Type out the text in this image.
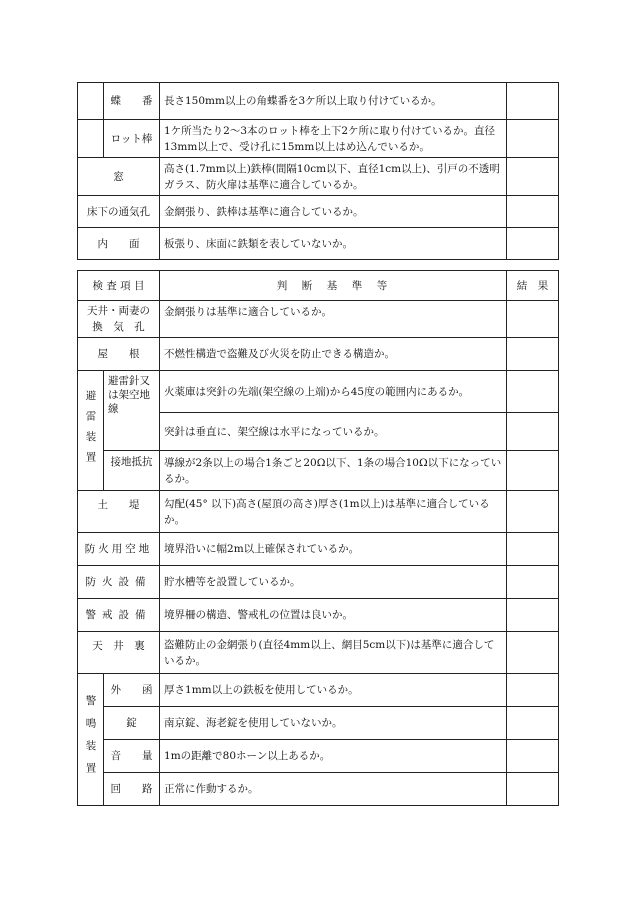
	蝶　　番	長さ150mm以上の角蝶番を3ケ所以上取り付けているか。	
	ロット棒	1ケ所当たり2～3本のロット棒を上下2ケ所に取り付けているか。直径13mm以上で、受け孔に15mm以上はめ込んでいるか。	
窓		高さ(1.7mm以上)鉄棒(間隔10cm以下、直径1cm以上)、引戸の不透明ガラス、防火扉は基準に適合しているか。	
床下の通気孔		金網張り、鉄棒は基準に適合しているか。	
内　　面		板張り、床面に鉄類を表していないか。	
検 査 項 目		判　断　基　準　等	結　果
天井・両妻の換　気　孔		金網張りは基準に適合しているか。	
屋　　根		不燃性構造で盗難及び火災を防止できる構造か。	
避雷装置	避雷針又は架空地線	火薬庫は突針の先端(架空線の上端)から45度の範囲内にあるか。	
		突針は垂直に、架空線は水平になっているか。	
	接地抵抗	導線が2条以上の場合1条ごと20Ω以下、1条の場合10Ω以下になっているか。	
土　　堤		勾配(45° 以下)高さ(屋頂の高さ)厚さ(1m以上)は基準に適合しているか。	
防火用空地		境界沿いに幅2m以上確保されているか。	
防火設備		貯水槽等を設置しているか。	
警戒設備		境界柵の構造、警戒札の位置は良いか。	
天　井　裏		盗難防止の金網張り(直径4mm以上、網目5cm以下)は基準に適合しているか。	
警鳴装置	外　　函	厚さ1mm以上の鉄板を使用しているか。	
	錠	南京錠、海老錠を使用していないか。	
	音　　量	1mの距離で80ホーン以上あるか。	
	回　　路	正常に作動するか。	
